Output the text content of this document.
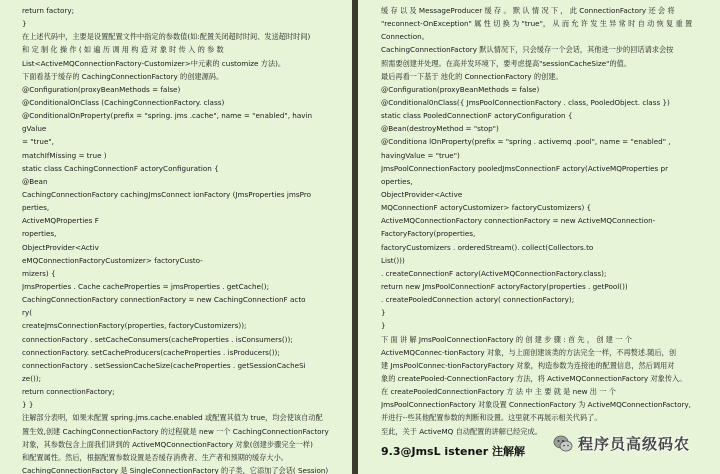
return factory;
}
在上述代码中，主要是设置配置文件中指定的参数值(如:配置关闭超时时间、发送超时时间)
和 定 制 化 操 作 ( 如 遍 历 调 用 构 造 对 象 时 传 入 的 参 数
List<ActiveMQConnectionFactory-Customizer>中元素的 customize 方法)。
下面看基于缓存的 CachingConnectionFactory 的创建源码。
@Configuration(proxyBeanMethods = false)
@ConditionalOnClass (CachingConnectionFactory. class)
@ConditionalOnProperty(prefix = "spring. jms .cache", name = "enabled", havin
gValue
= "true",
matchIfMissing = true )
static class CachingConnectionF actoryConfiguration {
@Bean
CachingConnectionFactory cachingJmsConnect ionFactory (JmsProperties jmsPro
perties,
ActiveMQProperties F
roperties,
ObjectProvider<Activ
eMQConnectionFactoryCustomizer> factoryCusto-
mizers) {
JmsProperties . Cache cacheProperties = jmsProperties . getCache();
CachingConnectionFactory connectionFactory = new CachingConnectionF acto
ry(
createJmsConnectionFactory(properties, factoryCustomizers));
connectionFactory . setCacheConsumers(cacheProperties . isConsumers());
connectionFactory. setCacheProducers(cacheProperties . isProducers());
connectionFactory . setSessionCacheSize(cacheProperties . getSessionCacheSi
ze());
return connectionFactory;
} }
注解部分表明，如果未配置 spring.jms.cache.enabled 或配置其值为 true，均会使该自动配
置生效,创建 CachingConnectionFactory 的过程就是 new 一个 CachingConnectionFactory
对象，其参数包含上面我们讲到的 ActiveMQConnectionFactory 对象(创建步骤完全一样)
和配置属性。然后，根据配置参数设置是否缓存消费者、生产者和预期的缓存大小。
CachingConnectionFactory 是 SingleConnectionFactory 的子类，它添加了会话( Session)
缓 存 以 及 MessageProducer 缓 存 。 默 认 情 况 下 ， 此 ConnectionFactory 还 会 将
"reconnect-OnException" 属 性 切 换 为 "true"， 从 而 允 许 发 生 异 常 时 自 动 恢 复 重 置
Connection。
CachingConnectionFactory 默认情况下，只会缓存一个会话，其他进一步的回话请求会按
照需要创建并处理。在高并发环境下，要考虑提高"sessionCacheSize"的值。
最后再看一下基于 池化的 ConnectionFactory 的创建。
@Configuration(proxyBeanMethods = false)
@Conditional0nClass({ JmsPoolConnectionFactory . class, PooledObject. class })
static class PooledConnectionF actoryConfiguration {
@Bean(destroyMethod = "stop")
@Conditiona lOnProperty(prefix = "spring . activemq .pool", name = "enabled" ,
havingValue = "true")
JmsPoolConnectionFactory pooledJmsConnectionF actory(ActiveMQProperties pr
operties,
ObjectProvider<Active
MQConnectionF actoryCustomizer> factoryCustomizers) {
ActiveMQConnectionFactory connectionFactory = new ActiveMQConnection-
FactoryFactory(properties,
factoryCustomizers . orderedStream(). collect(Collectors.to
List()))
. createConnectionF actory(ActiveMQConnectionFactory.class);
return new JmsPoolConnectionF actoryFactory(properties . getPool())
. createPooledConnection actory( connectionFactory);
}
}
下 面 讲 解 JmsPoolConnectionFactory 的 创 建 步 骤 : 首 先 ， 创 建 一 个
ActiveMQConnec-tionFactory 对象，与上面创建该类的方法完全一样，不再赘述.随后，创
建 JmsPoolConnec-tionFactoryFactory 对象，构造参数为连接池的配置信息，然后调用对
象的 createPooled-ConnectionFactory 方法，将 ActiveMQConnectionFactory 对象传入。
在 createPooledConnectionFactory 方 法 中 主 要 就 是 new 出 一 个
JmsPoolConnectionFactory 对象设置 ConnectionFactory 为 ActiveMQConnectionFactory,
并进行-·些其他配置参数的判断和设置。这里就不再展示相关代码了。
至此，关于 ActiveMQ 自动配置的讲解已经完成。
9.3@JmsL istener 注解解	程序员高级码农
